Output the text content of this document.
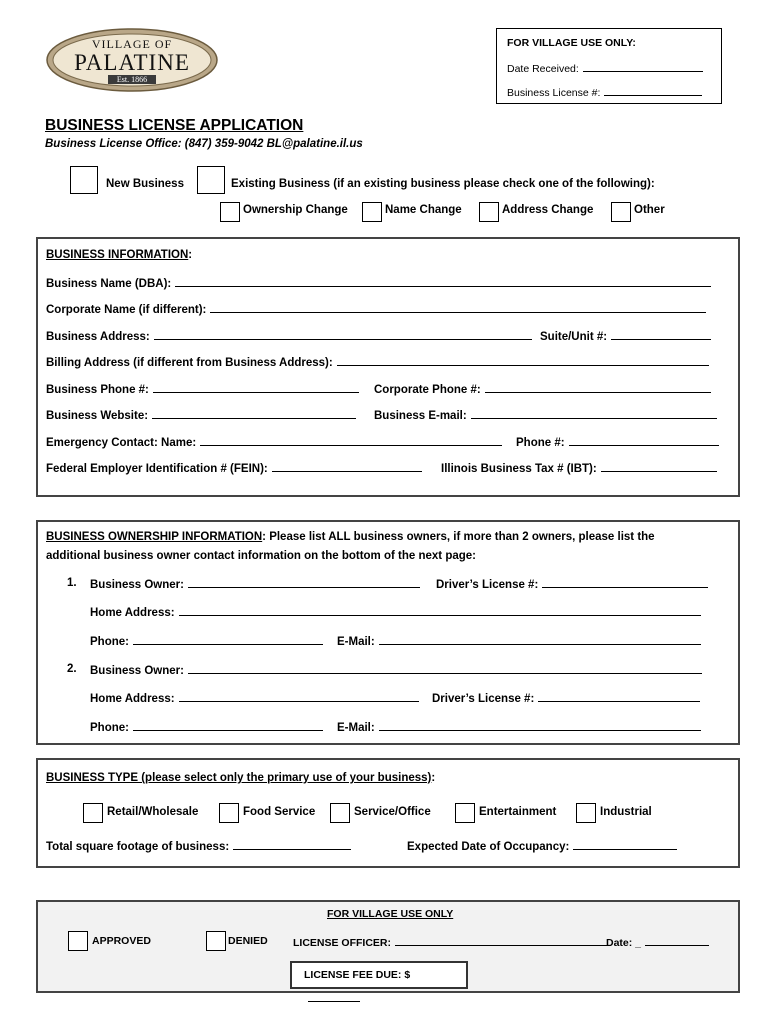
VILLAGE OF
PALATINE
Est. 1866
FOR VILLAGE USE ONLY:
Date Received:
Business License #:
BUSINESS LICENSE APPLICATION
Business License Office: (847) 359-9042 BL@palatine.il.us
New Business	Existing Business (if an existing business please check one of the following):
Ownership Change	Name Change	Address Change	Other
BUSINESS INFORMATION:
Business Name (DBA):
Corporate Name (if different):
Business Address:	Suite/Unit #:
Billing Address (if different from Business Address):
Business Phone #:	Corporate Phone #:
Business Website:	Business E-mail:
Emergency Contact: Name:	Phone #:
Federal Employer Identification # (FEIN):	Illinois Business Tax # (IBT):
BUSINESS OWNERSHIP INFORMATION: Please list ALL business owners, if more than 2 owners, please list the
additional business owner contact information on the bottom of the next page:
1. Business Owner:	Driver’s License #:
Home Address:
Phone:	E-Mail:
2. Business Owner:
Home Address:	Driver’s License #:
Phone:	E-Mail:
BUSINESS TYPE (please select only the primary use of your business):
Retail/Wholesale	Food Service	Service/Office	Entertainment	Industrial
Total square footage of business:	Expected Date of Occupancy:
FOR VILLAGE USE ONLY
APPROVED	DENIED LICENSE OFFICER:	Date: _
LICENSE FEE DUE: $
